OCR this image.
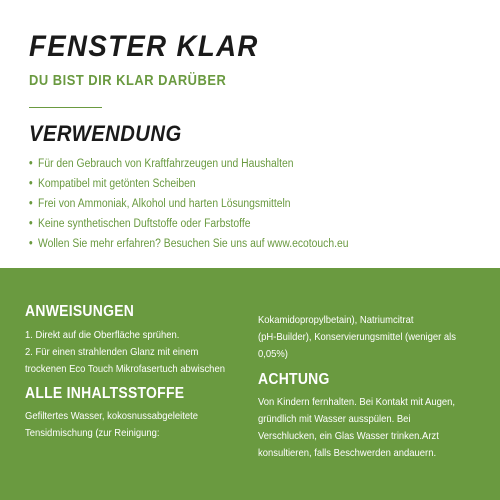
FENSTER KLAR
DU BIST DIR KLAR DARÜBER
VERWENDUNG
• Für den Gebrauch von Kraftfahrzeugen und Haushalten
• Kompatibel mit getönten Scheiben
• Frei von Ammoniak, Alkohol und harten Lösungsmitteln
• Keine synthetischen Duftstoffe oder Farbstoffe
• Wollen Sie mehr erfahren? Besuchen Sie uns auf www.ecotouch.eu
ANWEISUNGEN
1. Direkt auf die Oberfläche sprühen.
2. Für einen strahlenden Glanz mit einem
trockenen Eco Touch Mikrofasertuch abwischen
ALLE INHALTSSTOFFE
Gefiltertes Wasser, kokosnussabgeleitete
Tensidmischung (zur Reinigung:
Kokamidopropylbetain), Natriumcitrat
(pH-Builder), Konservierungsmittel (weniger als
0,05%)
ACHTUNG
Von Kindern fernhalten. Bei Kontakt mit Augen,
gründlich mit Wasser ausspülen. Bei
Verschlucken, ein Glas Wasser trinken.Arzt
konsultieren, falls Beschwerden andauern.
